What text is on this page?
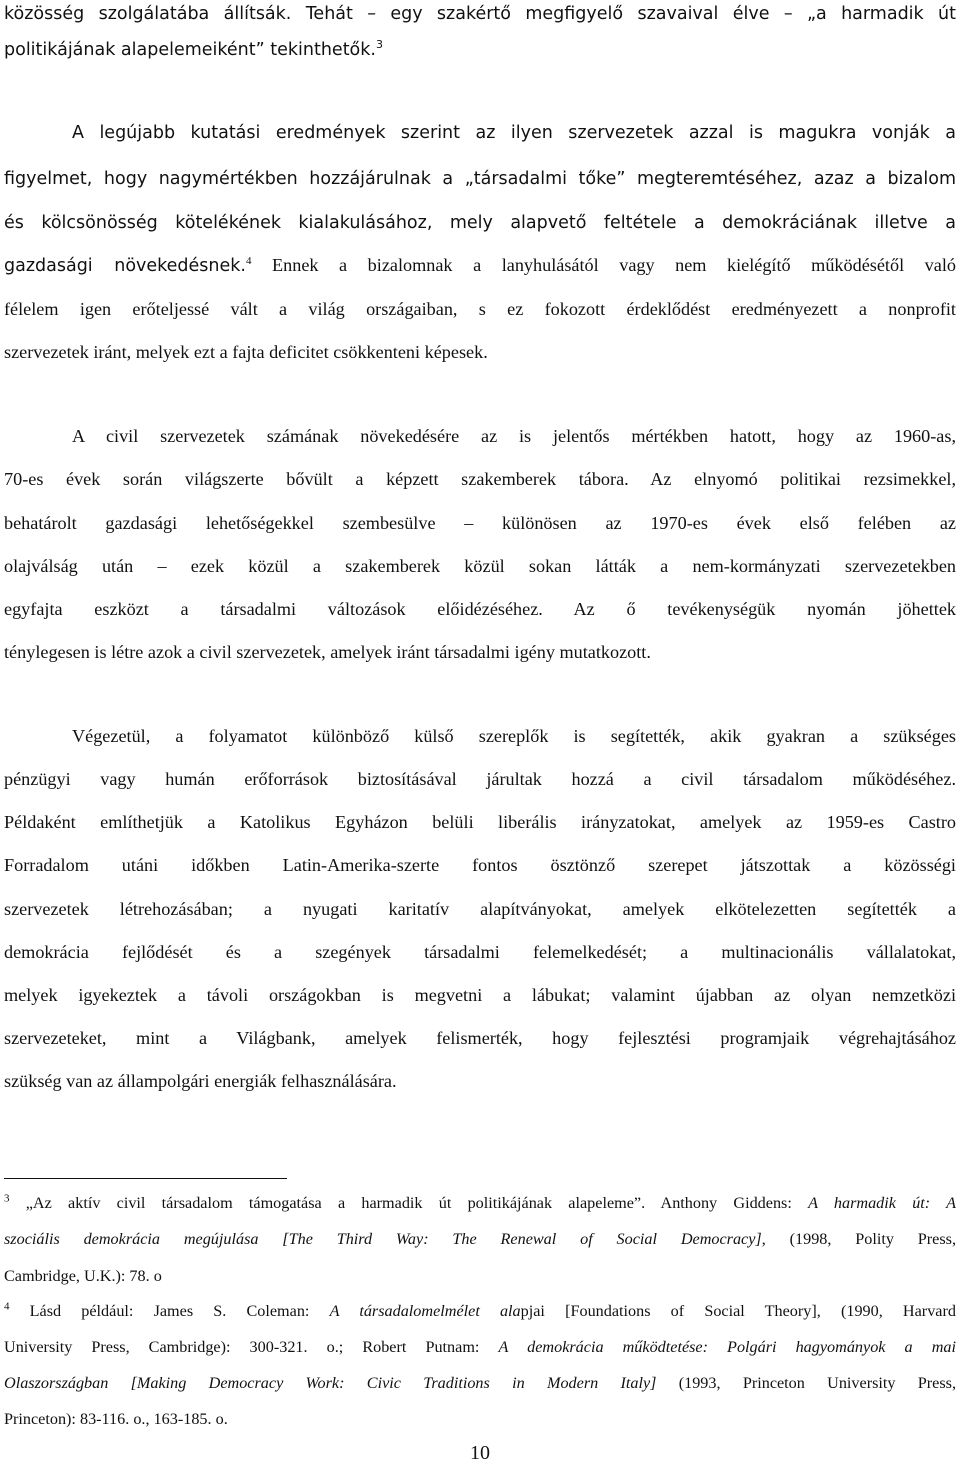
közösség szolgálatába állítsák. Tehát – egy szakértő megfigyelő szavaival élve – „a harmadik út
politikájának alapelemeiként” tekinthetők.$^3$
A legújabb kutatási eredmények szerint az ilyen szervezetek azzal is magukra vonják a
figyelmet, hogy nagymértékben hozzájárulnak a „társadalmi tőke” megteremtéséhez, azaz a bizalom
és kölcsönösség kötelékének kialakulásához, mely alapvető feltétele a demokráciának illetve a
gazdasági növekedésnek.$^4$ Ennek a bizalomnak a lanyhulásától vagy nem kielégítő működésétől való
félelem igen erőteljessé vált a világ országaiban, s ez fokozott érdeklődést eredményezett a nonprofit
szervezetek iránt, melyek ezt a fajta deficitet csökkenteni képesek.
A civil szervezetek számának növekedésére az is jelentős mértékben hatott, hogy az 1960-as,
70-es évek során világszerte bővült a képzett szakemberek tábora. Az elnyomó politikai rezsimekkel,
behatárolt gazdasági lehetőségekkel szembesülve – különösen az 1970-es évek első felében az
olajválság után – ezek közül a szakemberek közül sokan látták a nem-kormányzati szervezetekben
egyfajta eszközt a társadalmi változások előidézéséhez. Az ő tevékenységük nyomán jöhettek
ténylegesen is létre azok a civil szervezetek, amelyek iránt társadalmi igény mutatkozott.
Végezetül, a folyamatot különböző külső szereplők is segítették, akik gyakran a szükséges
pénzügyi vagy humán erőforrások biztosításával járultak hozzá a civil társadalom működéséhez.
Példaként említhetjük a Katolikus Egyházon belüli liberális irányzatokat, amelyek az 1959-es Castro
Forradalom utáni időkben Latin-Amerika-szerte fontos ösztönző szerepet játszottak a közösségi
szervezetek létrehozásában; a nyugati karitatív alapítványokat, amelyek elkötelezetten segítették a
demokrácia fejlődését és a szegények társadalmi felemelkedését; a multinacionális vállalatokat,
melyek igyekeztek a távoli országokban is megvetni a lábukat; valamint újabban az olyan nemzetközi
szervezeteket, mint a Világbank, amelyek felismerték, hogy fejlesztési programjaik végrehajtásához
szükség van az állampolgári energiák felhasználására.
$^3$ „Az aktív civil társadalom támogatása a harmadik út politikájának alapeleme”. Anthony Giddens: A harmadik út: A
szociális demokrácia megújulása [The Third Way: The Renewal of Social Democracy], (1998, Polity Press,
Cambridge, U.K.): 78. o
$^4$ Lásd például: James S. Coleman: A társadalomelmélet alapjai [Foundations of Social Theory], (1990, Harvard
University Press, Cambridge): 300-321. o.; Robert Putnam: A demokrácia működtetése: Polgári hagyományok a mai
Olaszországban [Making Democracy Work: Civic Traditions in Modern Italy] (1993, Princeton University Press,
Princeton): 83-116. o., 163-185. o.
10
